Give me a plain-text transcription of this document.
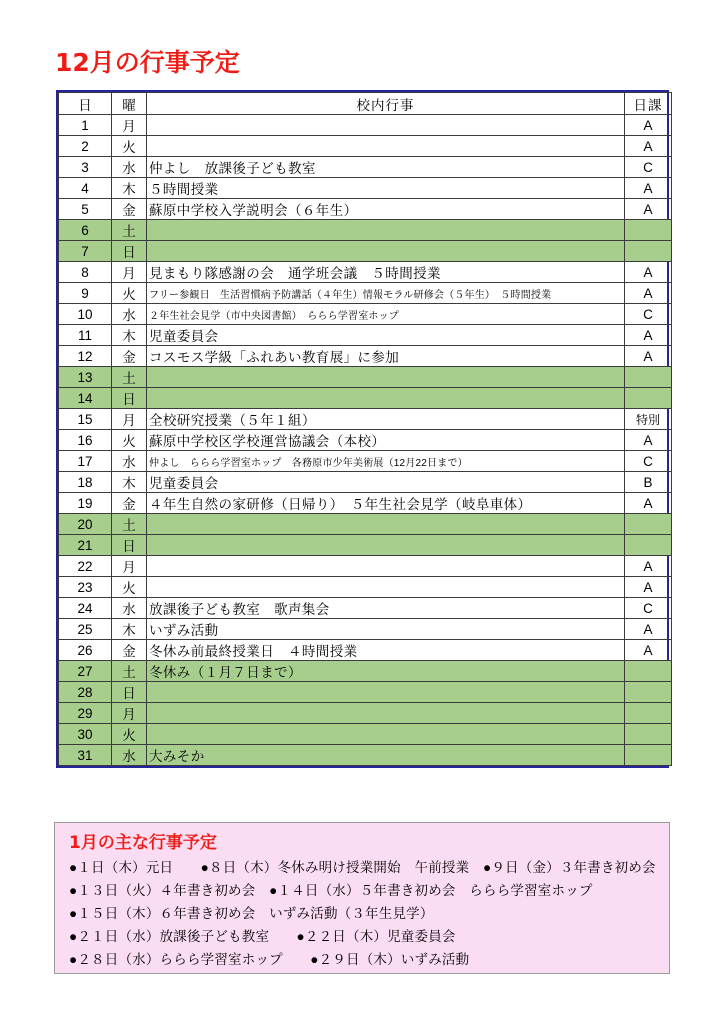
12月の行事予定
日	曜	校内行事	日課
1	月		A
2	火		A
3	水	仲よし　放課後子ども教室	C
4	木	５時間授業	A
5	金	蘇原中学校入学説明会（６年生）	A
6	土		
7	日		
8	月	見まもり隊感謝の会　通学班会議　５時間授業	A
9	火	フリー参観日　生活習慣病予防講話（４年生）情報モラル研修会（５年生）　５時間授業	A
10	水	２年生社会見学（市中央図書館）　ららら学習室ホップ	C
11	木	児童委員会	A
12	金	コスモス学級「ふれあい教育展」に参加	A
13	土		
14	日		
15	月	全校研究授業（５年１組）	特別
16	火	蘇原中学校区学校運営協議会（本校）	A
17	水	仲よし　ららら学習室ホップ　各務原市少年美術展（12月22日まで）	C
18	木	児童委員会	B
19	金	４年生自然の家研修（日帰り）　５年生社会見学（岐阜車体）	A
20	土		
21	日		
22	月		A
23	火		A
24	水	放課後子ども教室　歌声集会	C
25	木	いずみ活動	A
26	金	冬休み前最終授業日　４時間授業	A
27	土	冬休み（１月７日まで）	
28	日		
29	月		
30	火		
31	水	大みそか	
1月の主な行事予定
●１日（木）元日　　●８日（木）冬休み明け授業開始　午前授業　●９日（金）３年書き初め会
●１３日（火）４年書き初め会　●１４日（水）５年書き初め会　ららら学習室ホップ
●１５日（木）６年書き初め会　いずみ活動（３年生見学）
●２１日（水）放課後子ども教室　　●２２日（木）児童委員会
●２８日（水）ららら学習室ホップ　　●２９日（木）いずみ活動
